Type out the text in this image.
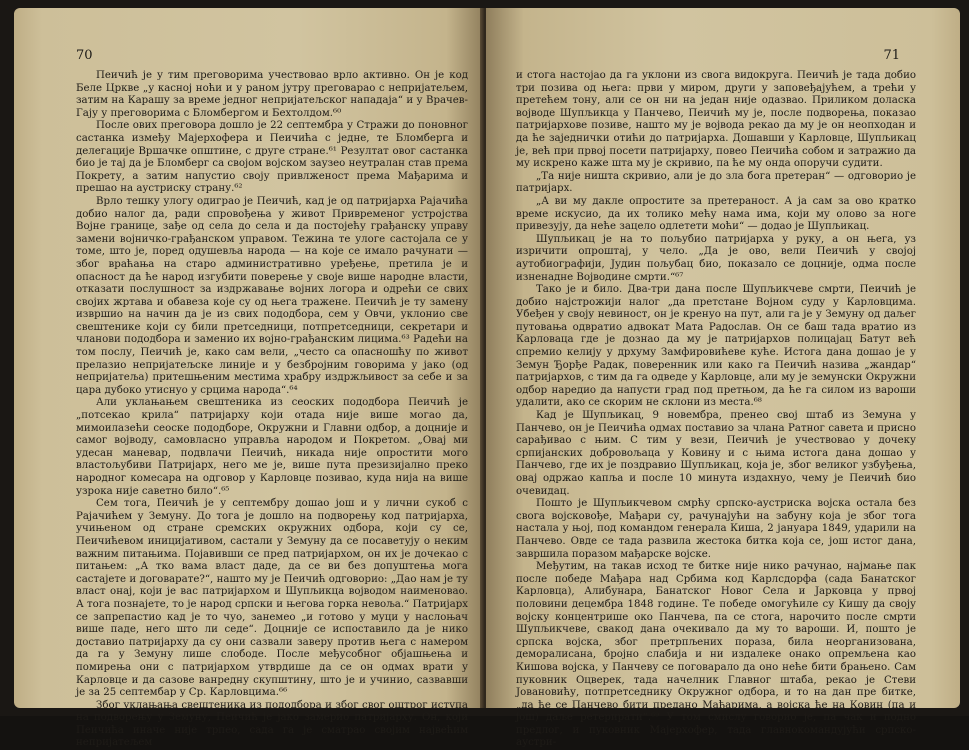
70

Пеичић је у тим преговорима учествовао врло активно. Он је код Беле Цркве „у касној ноћи и у раном јутру преговарао с непријатељем, затим на Карашу за време једног непријатељског нападаја“ и у Врачев-Гају у преговорима с Бломбергом и Бехтолдом.⁶⁰

После ових преговора дошло је 22 септембра у Стражи до поновног састанка између Мајерхофера и Пеичића с једне, те Бломберга и делегације Вршачке општине, с друге стране.⁶¹ Резултат овог састанка био је тај да је Бломберг са својом војском заузео неутралан став према Покрету, а затим напустио своју привлженост према Мађарима и прешао на аустриску страну.⁶²

Врло тешку улогу одиграо је Пеичић, кад је од патријарха Рајачића добио налог да, ради спровођења у живот Привременог устројства Војне границе, зађе од села до села и да постојећу грађанску управу замени војничко-грађанском управом. Тежина те улоге састојала се у томе, што је, поред одушевља народа — на које се имало рачунати — због враћања на старо административно уређење, претила је и опасност да ће народ изгубити поверење у своје више народне власти, отказати послушност за издржавање војних логора и одрећи се свих својих жртава и обавеза које су од њега тражене. Пеичић је ту замену извршио на начин да је из свих пододбора, сем у Овчи, уклонио све свештенике који су били претседници, потпретседници, секретари и чланови пододбора и заменио их војно-грађанским лицима.⁶³ Радећи на том послу, Пеичић је, како сам вели, „често са опасношћу по живот прелазио непријатељске линије и у безбројним говорима у јако (од непријатеља) притешњеним местима храбру издржљивост за себе и за цара дубоко утиснуо у срцима народа“.⁶⁴

Али уклањањем свештеника из сеоских пододбора Пеичић је „потсекао крила“ патријарху који отада није више могао да, мимоилазећи сеоске пододборе, Окружни и Главни одбор, а доцније и самог војводу, самовласно управља народом и Покретом. „Овај ми удесан маневар, подвлачи Пеичић, никада није опростити мого властољубиви Патријарх, него ме је, више пута презизијално преко народног комесара на одговор у Карловце позивао, куда нија на више узрока није саветно било“.⁶⁵

Сем тога, Пеичић је у септембру дошао још и у лични сукоб с Рајачићем у Земуну. До тога је дошло на подворењу код патријарха, учињеном од стране сремских окружних одбора, који су се, Пеичићевом иницијативом, састали у Земуну да се посаветују о неким важним питањима. Појавивши се пред патријархом, он их је дочекао с питањем: „А тко вама власт даде, да се ви без допуштења мога састајете и договарате?“, наштo му је Пеичић одговорио: „Дао нам је ту власт онај, који је вас патријархом и Шупљикца војводом наименовао. А тога познајете, то је народ српски и његова горка невоља.“ Патријарх се запрепастио кад је то чуо, занемео „и готово у муци у наслоњач више паде, него што ли седе“. Доцније се испоставило да је нико доставио патријарху да су они сазвали заверу против њега с намером да га у Земуну лише слободе. После међусобног објашњења и помирења они с патријархом утврдише да се он одмах врати у Карловце и да сазове ванредну скупштину, што је и учинио, сазвавши је за 25 септембар у Ср. Карловцима.⁶⁶

Због уклањања свештеника из пододбора и због свог оштрог иступа на подворењу у Земуну, Пеичић је јако замерио патријарху. Он, који Пеичића иначе није трпео, сада га је сматрао својим највећим непријатељем

71

и стога настојао да га уклони из свога видокруга. Пеичић је тада добио три позива од њега: први у миром, други у заповеђајућем, а трећи у претећем тону, али се он ни на један није одазвао. Приликом доласка војводе Шупљикца у Панчево, Пеичић му је, после подворења, показао патријархове позиве, нашто му је војвода рекао да му је он неопходан и да ће заједнички отићи до патријарха. Дошавши у Карловце, Шупљикац је, већ при првој посети патријарху, повео Пеичића собом и затражио да му искрено каже шта му је скривио, па ће му онда опоручи судити.

„Та није ништа скривио, али је до зла бога претеран“ — одговорио је патријарх.

„А ви му дакле опростите за претераност. А ја сам за ово кратко време искусио, да их толико мећу нама има, који му олово за ноге привезују, да неће зацело одлетети моћи“ — додао је Шупљикац.

Шупљикац је на то пољубио патријарха у руку, а он њега, уз изричити опроштај, у чело. „Да је ово, вели Пеичић у својој аутобиографији, Јудин пољубац био, показало се доцније, одма после изненадне Војводине смрти.“⁶⁷

Тако је и било. Два-три дана после Шупљикчеве смрти, Пеичић је добио најстрожији налог „да претстане Војном суду у Карловцима. Убеђен у своју невиност, он је кренуо на пут, али га је у Земуну од даљег путовања одвратио адвокат Мата Радослав. Он се баш тада вратио из Карловаца где је дознао да му је патријархов полицајац Батут већ спремио келију у дрхуму Замфировићеве куће. Истога дана дошао је у Земун Ђорђе Радак, поверенник или како га Пеичић назива „жандар“ патријархов, с тим да га одведе у Карловце, али му је земунски Окружни одбор наредио да напусти град под претњом, да ће га силом из вароши удалити, ако се скорим не склони из места.⁶⁸

Кад је Шупљикац, 9 новембра, пренео свој штаб из Земуна у Панчево, он је Пеичића одмах поставио за члана Ратног савета и присно сарађивао с њим. С тим у вези, Пеичић је учествовао у дочеку српијанских добровољаца у Ковину и с њима истога дана дошао у Панчево, где их је поздравио Шупљикац, која је, због великог узбуђења, овај одржао капља и после 10 минута издахнуо, чему је Пеичић био очевидац.

Пошто је Шупљикчевом смрћу српско-аустриска војска остала без свога војсковође, Мађари су, рачунајући на забуну која је због тога настала у њој, под командом генерала Киша, 2 јануара 1849, ударили на Панчево. Овде се тада развила жестока битка која се, још истог дана, завршила поразом мађарске војске.

Међутим, на такав исход те битке није нико рачунао, најмање пак после победе Мађара над Србима код Карлсдорфа (сада Банатског Карловца), Алибунара, Банатског Новог Села и Јарковца у првој половини децембра 1848 године. Те победе омогућиле су Кишу да своју војску концентрише око Панчева, па се стога, нарочито после смрти Шупљикчеве, свакод дана очекивало да му то вароши. И, пошто је српска војска, због претрпљених пораза, била неорганизована, деморалисана, бројно слабија и ни издалеке онако опремљена као Кишова војска, у Панчеву се поговарало да оно неће бити брањено. Сам пуковник Оцверек, тада начелник Главног штаба, рекао је Стеви Јовановићу, потпретседнику Окружног одбора, и то на дан пре битке, „да ће се Панчево бити предано Мађарима, а војска ће на Ковин (па и још) даље ретерирати“.⁶⁹ У том смислу говорио је, па чак и подно предлог, и пуковник Мајерхофер, тада главнокомандујући српско-аустри-
